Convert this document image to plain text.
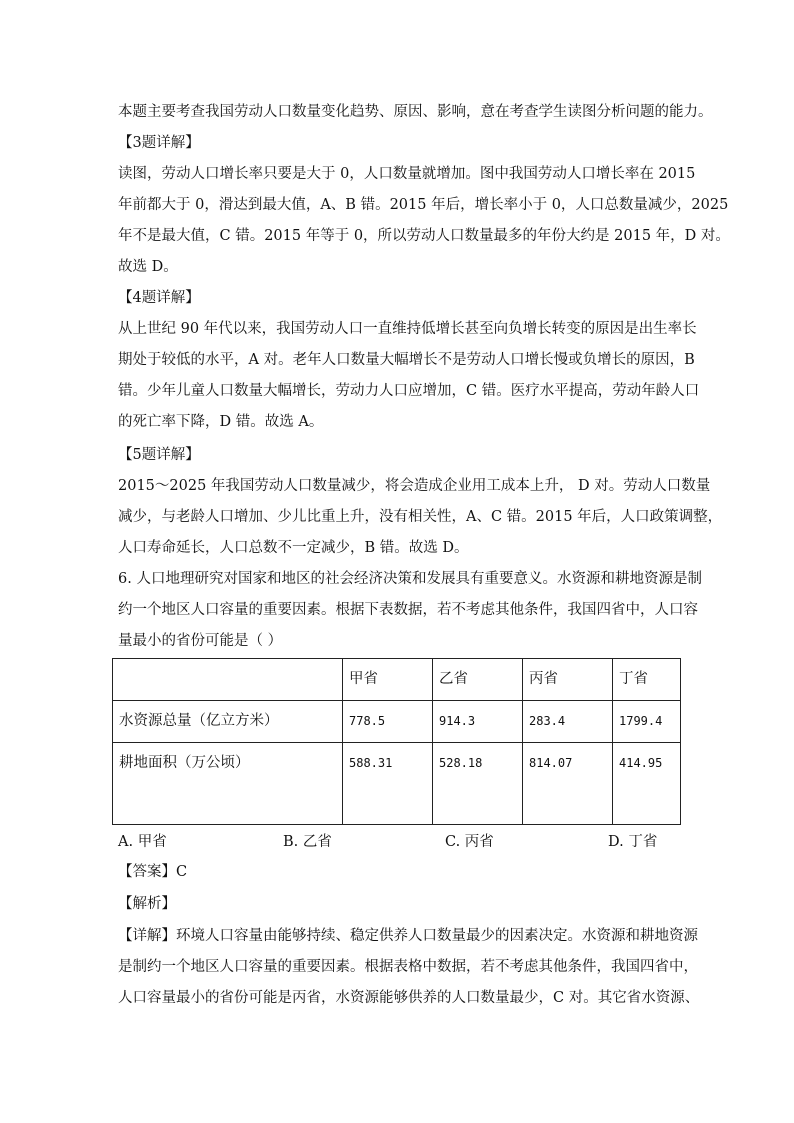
本题主要考查我国劳动人口数量变化趋势、原因、影响，意在考查学生读图分析问题的能力。
【3题详解】
读图，劳动人口增长率只要是大于 0，人口数量就增加。图中我国劳动人口增长率在 2015
年前都大于 0，滑达到最大值，A、B 错。2015 年后，增长率小于 0，人口总数量减少，2025
年不是最大值，C 错。2015 年等于 0，所以劳动人口数量最多的年份大约是 2015 年，D 对。
故选 D。
【4题详解】
从上世纪 90 年代以来，我国劳动人口一直维持低增长甚至向负增长转变的原因是出生率长
期处于较低的水平，A 对。老年人口数量大幅增长不是劳动人口增长慢或负增长的原因，B
错。少年儿童人口数量大幅增长，劳动力人口应增加，C 错。医疗水平提高，劳动年龄人口
的死亡率下降，D 错。故选 A。
【5题详解】
2015～2025 年我国劳动人口数量减少，将会造成企业用工成本上升， D 对。劳动人口数量
减少，与老龄人口增加、少儿比重上升，没有相关性，A、C 错。2015 年后，人口政策调整，
人口寿命延长，人口总数不一定减少，B 错。故选 D。
6. 人口地理研究对国家和地区的社会经济决策和发展具有重要意义。水资源和耕地资源是制
约一个地区人口容量的重要因素。根据下表数据，若不考虑其他条件，我国四省中，人口容
量最小的省份可能是（ ）
	甲省	乙省	丙省	丁省
水资源总量（亿立方米）	778.5	914.3	283.4	1799.4
耕地面积（万公顷）	588.31	528.18	814.07	414.95
A. 甲省	B. 乙省	C. 丙省	D. 丁省
【答案】C
【解析】
【详解】环境人口容量由能够持续、稳定供养人口数量最少的因素决定。水资源和耕地资源
是制约一个地区人口容量的重要因素。根据表格中数据，若不考虑其他条件，我国四省中，
人口容量最小的省份可能是丙省，水资源能够供养的人口数量最少，C 对。其它省水资源、
